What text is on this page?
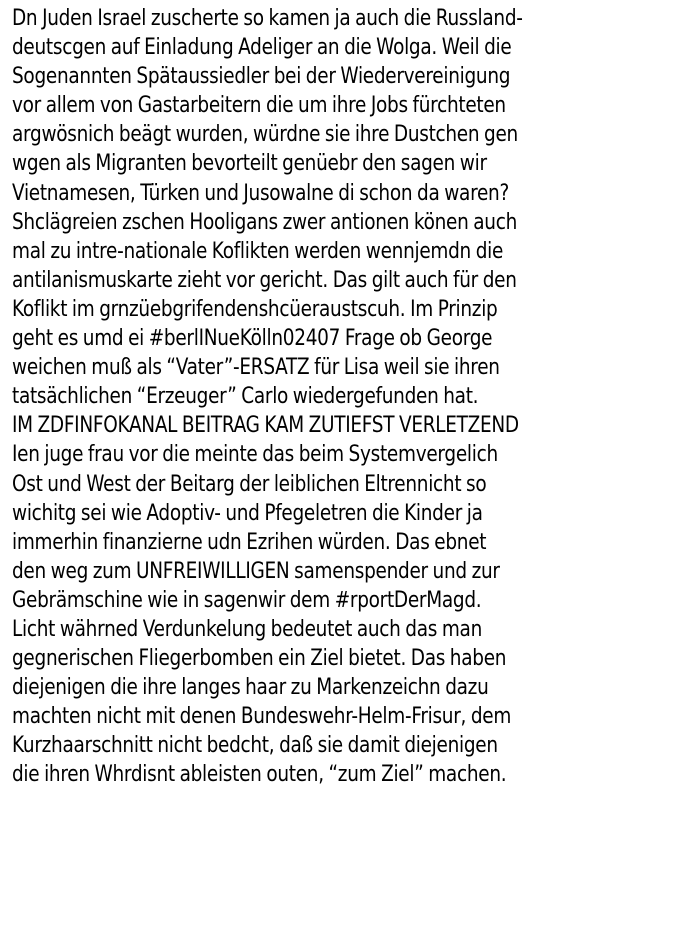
Dn Juden Israel zuscherte so kamen ja auch die Russland-
deutscgen auf Einladung Adeliger an die Wolga. Weil die
Sogenannten Spätaussiedler bei der Wiedervereinigung
vor allem von Gastarbeitern die um ihre Jobs fürchteten
argwösnich beägt wurden, würdne sie ihre Dustchen gen
wgen als Migranten bevorteilt genüebr den sagen wir
Vietnamesen, Türken und Jusowalne di schon da waren?
Shclägreien zschen Hooligans zwer antionen könen auch
mal zu intre-nationale Koflikten werden wennjemdn die
antilanismuskarte zieht vor gericht. Das gilt auch für den
Koflikt im grnzüebgrifendenshcüeraustscuh. Im Prinzip
geht es umd ei #berlINueKölln02407 Frage ob George
weichen muß als “Vater”-ERSATZ für Lisa weil sie ihren
tatsächlichen “Erzeuger” Carlo wiedergefunden hat.
IM ZDFINFOKANAL BEITRAG KAM ZUTIEFST VERLETZEND
Ien juge frau vor die meinte das beim Systemvergelich
Ost und West der Beitarg der leiblichen Eltrennicht so
wichitg sei wie Adoptiv- und Pfegeletren die Kinder ja
immerhin finanzierne udn Ezrihen würden. Das ebnet
den weg zum UNFREIWILLIGEN samenspender und zur
Gebrämschine wie in sagenwir dem #rportDerMagd.
Licht währned Verdunkelung bedeutet auch das man
gegnerischen Fliegerbomben ein Ziel bietet. Das haben
diejenigen die ihre langes haar zu Markenzeichn dazu
machten nicht mit denen Bundeswehr-Helm-Frisur, dem
Kurzhaarschnitt nicht bedcht, daß sie damit diejenigen
die ihren Whrdisnt ableisten outen, “zum Ziel” machen.
